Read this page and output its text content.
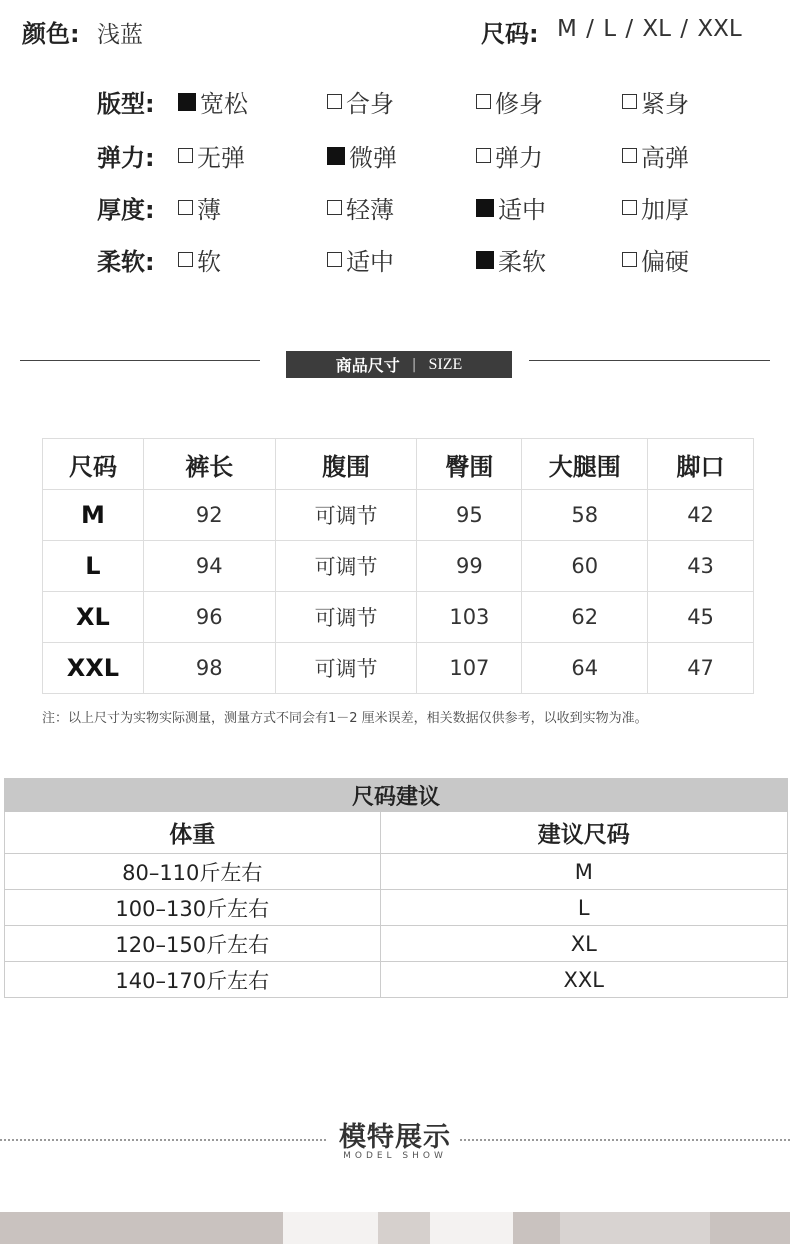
颜色: 浅蓝	尺码: M / L / XL / XXL
版型: 宽松	合身	修身	紧身
弹力: 无弹	微弹	弹力	高弹
厚度: 薄	轻薄	适中	加厚
柔软: 软	适中	柔软	偏硬
商品尺寸 | SIZE
尺码	裤长	腹围	臀围	大腿围	脚口
M	92	可调节	95	58	42
L	94	可调节	99	60	43
XL	96	可调节	103	62	45
XXL	98	可调节	107	64	47
注：以上尺寸为实物实际测量，测量方式不同会有1－2 厘米误差，相关数据仅供参考，以收到实物为准。
尺码建议	
体重	建议尺码
80–110斤左右	M
100–130斤左右	L
120–150斤左右	XL
140–170斤左右	XXL
模特展示
MODEL SHOW
